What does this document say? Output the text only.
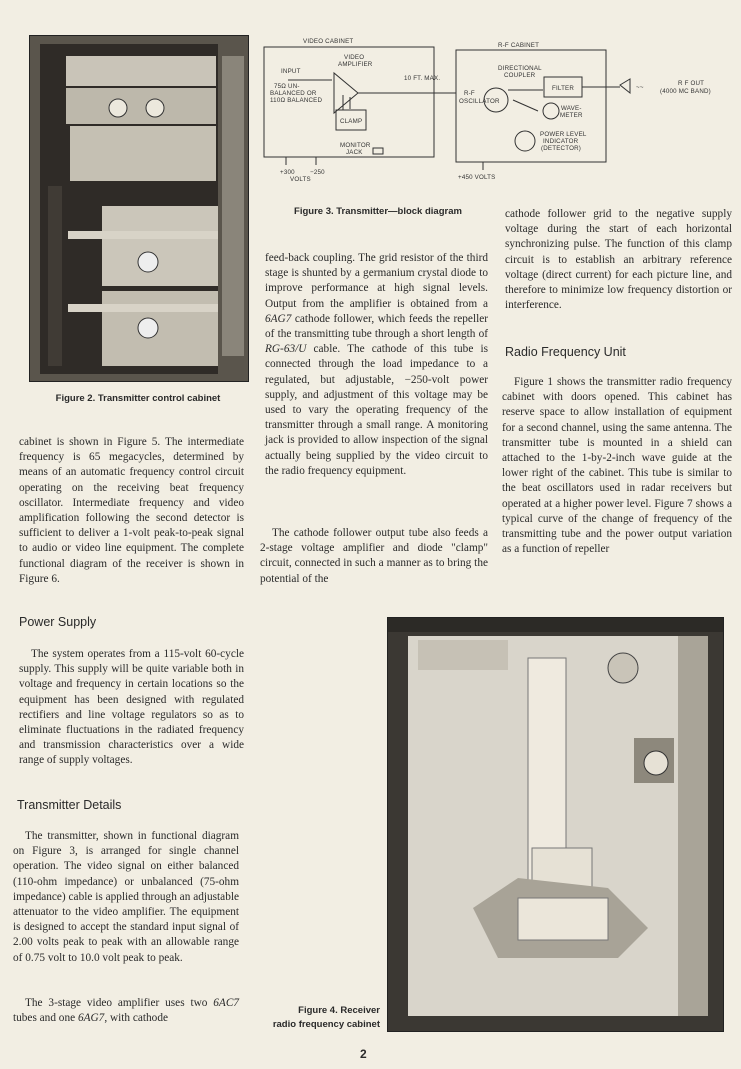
Figure 2. Transmitter control cabinet
VIDEO CABINET
R-F CABINET
VIDEO
AMPLIFIER
INPUT
75Ω UN-
BALANCED OR
110Ω BALANCED
CLAMP
MONITOR
JACK
+300 −250
VOLTS
10 FT. MAX.
DIRECTIONAL
COUPLER
FILTER
R-F
OSCILLATOR
WAVE-
METER
POWER LEVEL
INDICATOR
(DETECTOR)
+450 VOLTS
R F OUT
(4000 MC BAND)
~~
Figure 3. Transmitter—block diagram

cabinet is shown in Figure 5. The intermediate frequency is 65 megacycles, determined by means of an automatic frequency control circuit operating on the receiving beat frequency oscillator. Intermediate frequency and video amplification following the second detector is sufficient to deliver a 1-volt peak-to-peak signal to audio or video line equipment. The complete functional diagram of the receiver is shown in Figure 6.

Power Supply

The system operates from a 115-volt 60-cycle supply. This supply will be quite variable both in voltage and frequency in certain locations so the equipment has been designed with regulated rectifiers and line voltage regulators so as to eliminate fluctuations in the radiated frequency and transmission characteristics over a wide range of supply voltages.

Transmitter Details

The transmitter, shown in functional diagram on Figure 3, is arranged for single channel operation. The video signal on either balanced (110-ohm impedance) or unbalanced (75-ohm impedance) cable is applied through an adjustable attenuator to the video amplifier. The equipment is designed to accept the standard input signal of 2.00 volts peak to peak with an allowable range of 0.75 volt to 10.0 volt peak to peak.

The 3-stage video amplifier uses two 6AC7 tubes and one 6AG7, with cathode

feed-back coupling. The grid resistor of the third stage is shunted by a germanium crystal diode to improve performance at high signal levels. Output from the amplifier is obtained from a 6AG7 cathode follower, which feeds the repeller of the transmitting tube through a short length of RG-63/U cable. The cathode of this tube is connected through the load impedance to a regulated, but adjustable, −250-volt power supply, and adjustment of this voltage may be used to vary the operating frequency of the transmitter through a small range. A monitoring jack is provided to allow inspection of the signal actually being supplied by the video circuit to the radio frequency equipment.

The cathode follower output tube also feeds a 2-stage voltage amplifier and diode "clamp" circuit, connected in such a manner as to bring the potential of the

cathode follower grid to the negative supply voltage during the start of each horizontal synchronizing pulse. The function of this clamp circuit is to establish an arbitrary reference voltage (direct current) for each picture line, and therefore to minimize low frequency distortion or interference.

Radio Frequency Unit

Figure 1 shows the transmitter radio frequency cabinet with doors opened. This cabinet has reserve space to allow installation of equipment for a second channel, using the same antenna. The transmitter tube is mounted in a shield can attached to the 1-by-2-inch wave guide at the lower right of the cabinet. This tube is similar to the beat oscillators used in radar receivers but operated at a higher power level. Figure 7 shows a typical curve of the change of frequency of the transmitting tube and the power output variation as a function of repeller

Figure 4. Receiver
radio frequency cabinet
2
